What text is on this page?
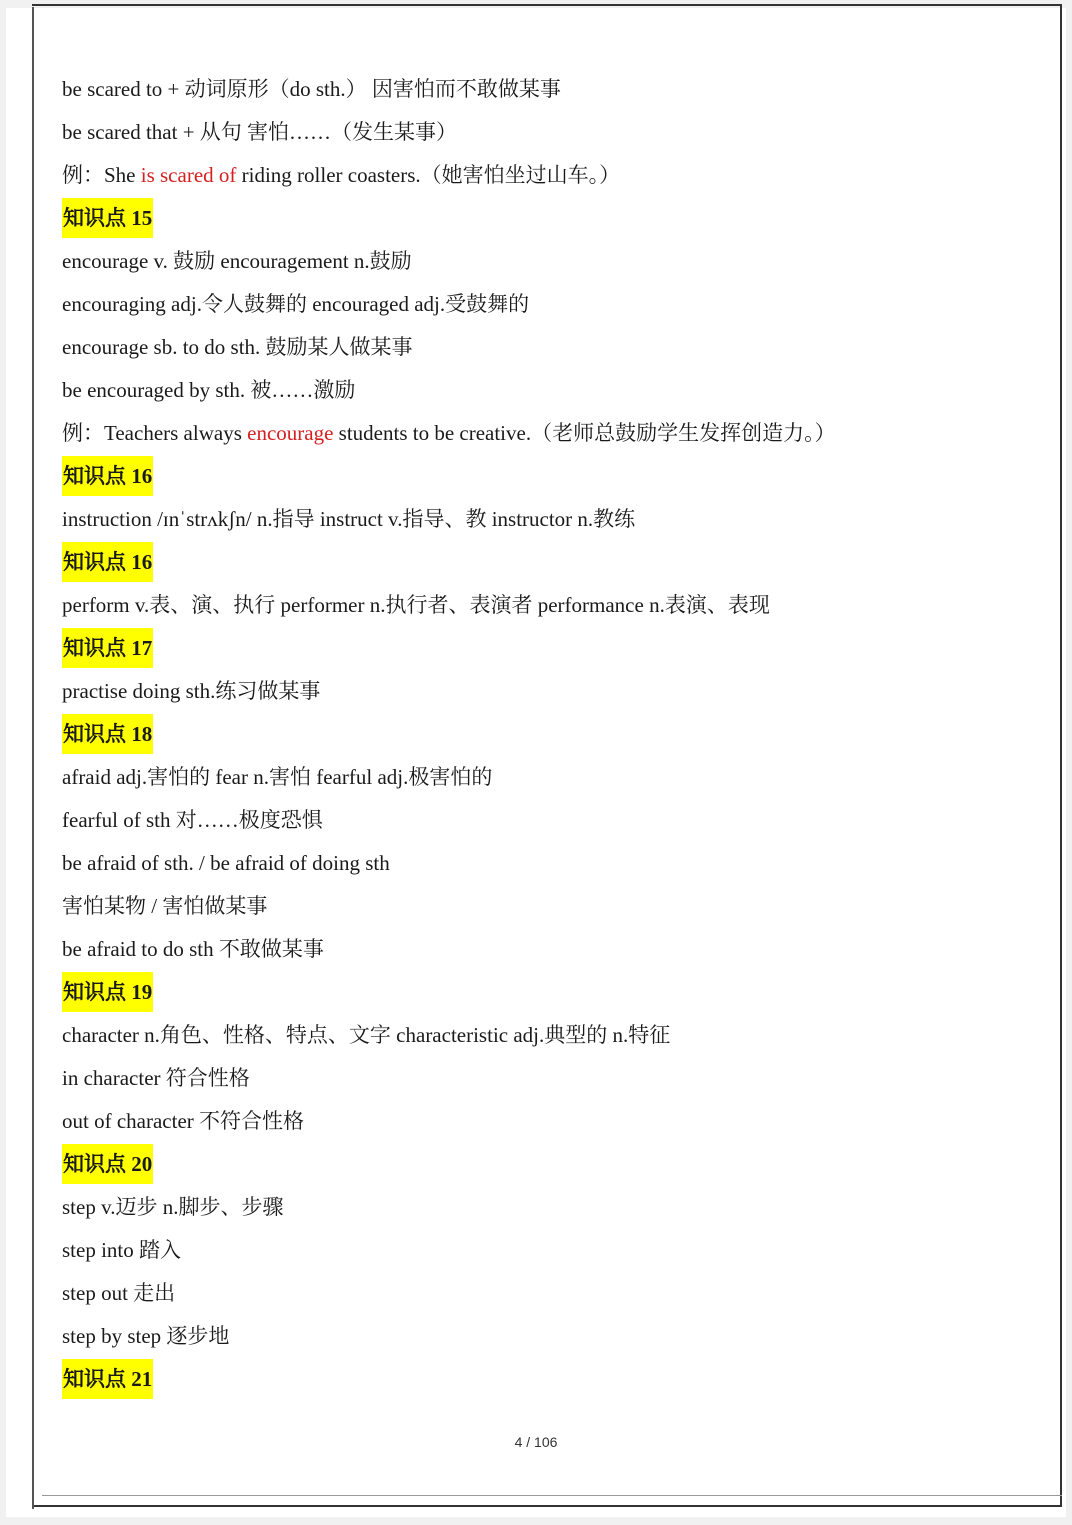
be scared to + 动词原形（do sth.） 因害怕而不敢做某事
be scared that + 从句 害怕……（发生某事）
例：She is scared of riding roller coasters.（她害怕坐过山车。）
知识点 15
encourage v. 鼓励 encouragement n.鼓励
encouraging adj.令人鼓舞的 encouraged adj.受鼓舞的
encourage sb. to do sth. 鼓励某人做某事
be encouraged by sth. 被……激励
例：Teachers always encourage students to be creative.（老师总鼓励学生发挥创造力。）
知识点 16
instruction /ɪnˈstrʌkʃn/ n.指导 instruct v.指导、教 instructor n.教练
知识点 16
perform v.表、演、执行 performer n.执行者、表演者 performance n.表演、表现
知识点 17
practise doing sth.练习做某事
知识点 18
afraid adj.害怕的 fear n.害怕 fearful adj.极害怕的
fearful of sth 对……极度恐惧
be afraid of sth. / be afraid of doing sth
害怕某物 / 害怕做某事
be afraid to do sth 不敢做某事
知识点 19
character n.角色、性格、特点、文字 characteristic adj.典型的 n.特征
in character 符合性格
out of character 不符合性格
知识点 20
step v.迈步 n.脚步、步骤
step into 踏入
step out 走出
step by step 逐步地
知识点 21
4 / 106
